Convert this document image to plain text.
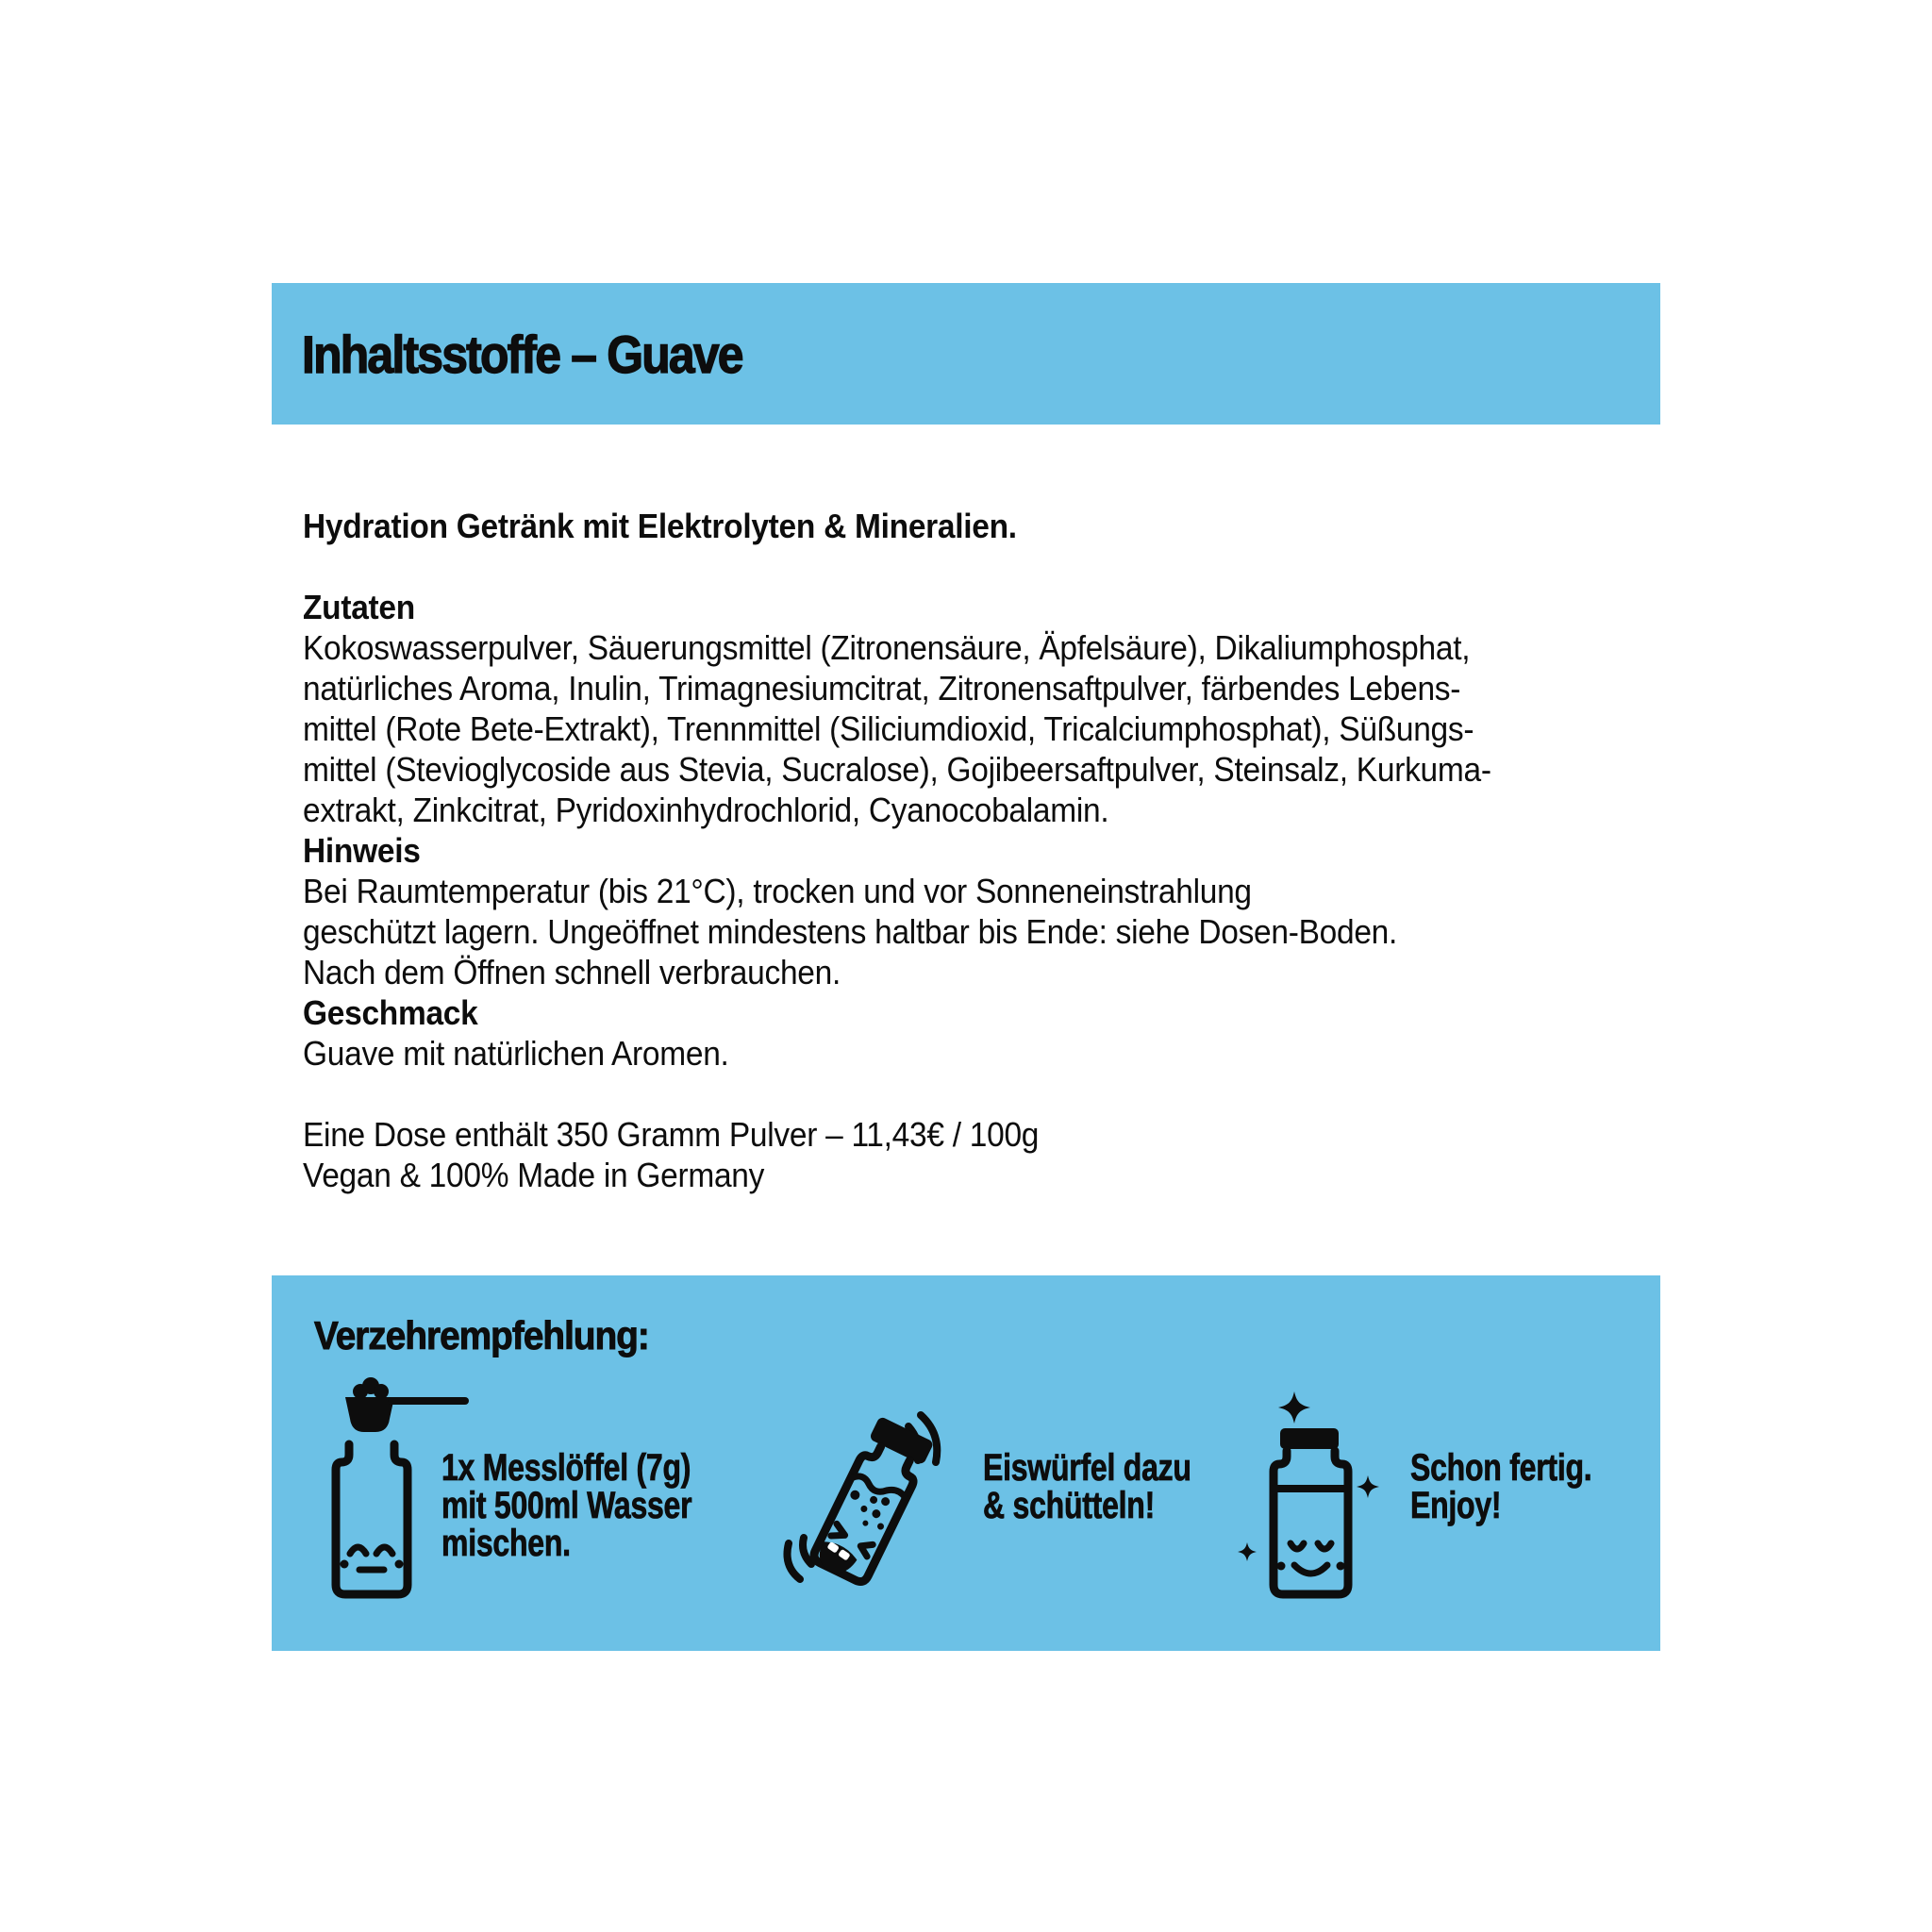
Inhaltsstoffe – Guave
Hydration Getränk mit Elektrolyten & Mineralien.
Zutaten
Kokoswasserpulver, Säuerungsmittel (Zitronensäure, Äpfelsäure), Dikaliumphosphat,
natürliches Aroma, Inulin, Trimagnesiumcitrat, Zitronensaftpulver, färbendes Lebens-
mittel (Rote Bete-Extrakt), Trennmittel (Siliciumdioxid, Tricalciumphosphat), Süßungs-
mittel (Stevioglycoside aus Stevia, Sucralose), Gojibeersaftpulver, Steinsalz, Kurkuma-
extrakt, Zinkcitrat, Pyridoxinhydrochlorid, Cyanocobalamin.
Hinweis
Bei Raumtemperatur (bis 21°C), trocken und vor Sonneneinstrahlung
geschützt lagern. Ungeöffnet mindestens haltbar bis Ende: siehe Dosen-Boden.
Nach dem Öffnen schnell verbrauchen.
Geschmack
Guave mit natürlichen Aromen.
Eine Dose enthält 350 Gramm Pulver – 11,43€ / 100g
Vegan & 100% Made in Germany
Verzehrempfehlung:
1x Messlöffel (7g)
mit 500ml Wasser
mischen.
Eiswürfel dazu
& schütteln!
Schon fertig.
Enjoy!
